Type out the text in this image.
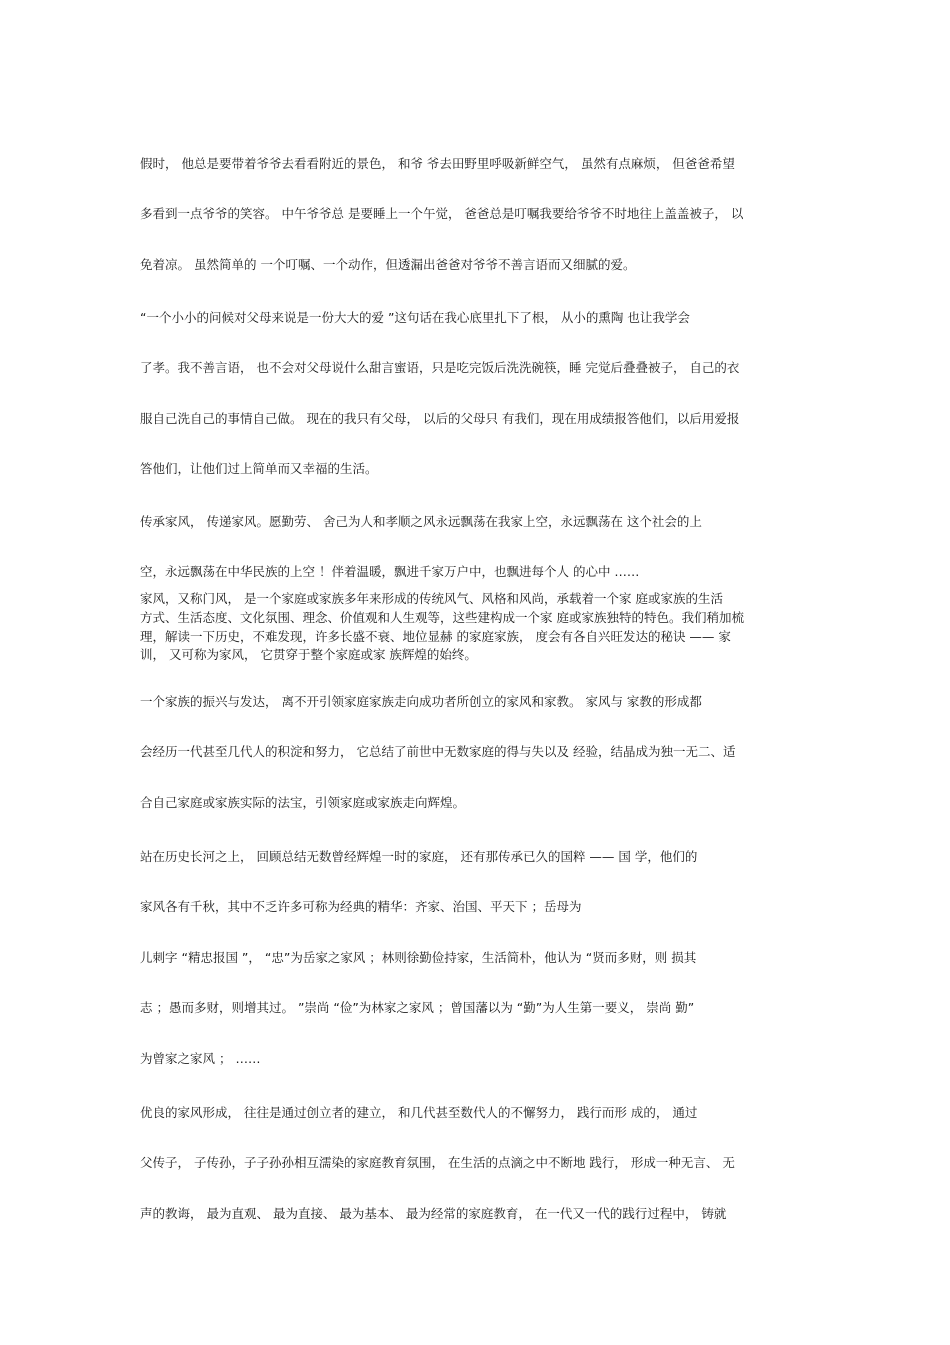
假时， 他总是要带着爷爷去看看附近的景色， 和爷 爷去田野里呼吸新鲜空气， 虽然有点麻烦， 但爸爸希望
多看到一点爷爷的笑容。 中午爷爷总 是要睡上一个午觉， 爸爸总是叮嘱我要给爷爷不时地往上盖盖被子， 以
免着凉。 虽然简单的 一个叮嘱、一个动作，但透漏出爸爸对爷爷不善言语而又细腻的爱。
“一个小小的问候对父母来说是一份大大的爱 ”这句话在我心底里扎下了根， 从小的熏陶 也让我学会
了孝。我不善言语， 也不会对父母说什么甜言蜜语，只是吃完饭后洗洗碗筷，睡 完觉后叠叠被子， 自己的衣
服自己洗自己的事情自己做。 现在的我只有父母， 以后的父母只 有我们，现在用成绩报答他们，以后用爱报
答他们，让他们过上简单而又幸福的生活。
传承家风， 传递家风。愿勤劳、 舍己为人和孝顺之风永远飘荡在我家上空，永远飘荡在 这个社会的上
空，永远飘荡在中华民族的上空 ！伴着温暖，飘进千家万户中，也飘进每个人 的心中 ……
家风，又称门风， 是一个家庭或家族多年来形成的传统风气、风格和风尚，承载着一个家 庭或家族的生活
方式、生活态度、文化氛围、理念、价值观和人生观等，这些建构成一个家 庭或家族独特的特色。我们稍加梳
理，解读一下历史，不难发现，许多长盛不衰、地位显赫 的家庭家族， 度会有各自兴旺发达的秘诀 —— 家
训， 又可称为家风， 它贯穿于整个家庭或家 族辉煌的始终。
一个家族的振兴与发达， 离不开引领家庭家族走向成功者所创立的家风和家教。 家风与 家教的形成都
会经历一代甚至几代人的积淀和努力， 它总结了前世中无数家庭的得与失以及 经验，结晶成为独一无二、适
合自己家庭或家族实际的法宝，引领家庭或家族走向辉煌。
站在历史长河之上， 回顾总结无数曾经辉煌一时的家庭， 还有那传承已久的国粹 —— 国 学，他们的
家风各有千秋，其中不乏许多可称为经典的精华：齐家、治国、平天下 ；岳母为
儿刺字 “精忠报国 ”， “忠”为岳家之家风 ；林则徐勤俭持家，生活简朴，他认为 “贤而多财，则 损其
志 ；愚而多财，则增其过。 ”崇尚 “俭”为林家之家风 ；曾国藩以为 “勤”为人生第一要义， 崇尚 勤”
为曾家之家风 ； ……
优良的家风形成， 往往是通过创立者的建立， 和几代甚至数代人的不懈努力， 践行而形 成的， 通过
父传子， 子传孙，子子孙孙相互濡染的家庭教育氛围， 在生活的点滴之中不断地 践行， 形成一种无言、 无
声的教诲， 最为直观、 最为直接、 最为基本、 最为经常的家庭教育， 在一代又一代的践行过程中， 铸就
